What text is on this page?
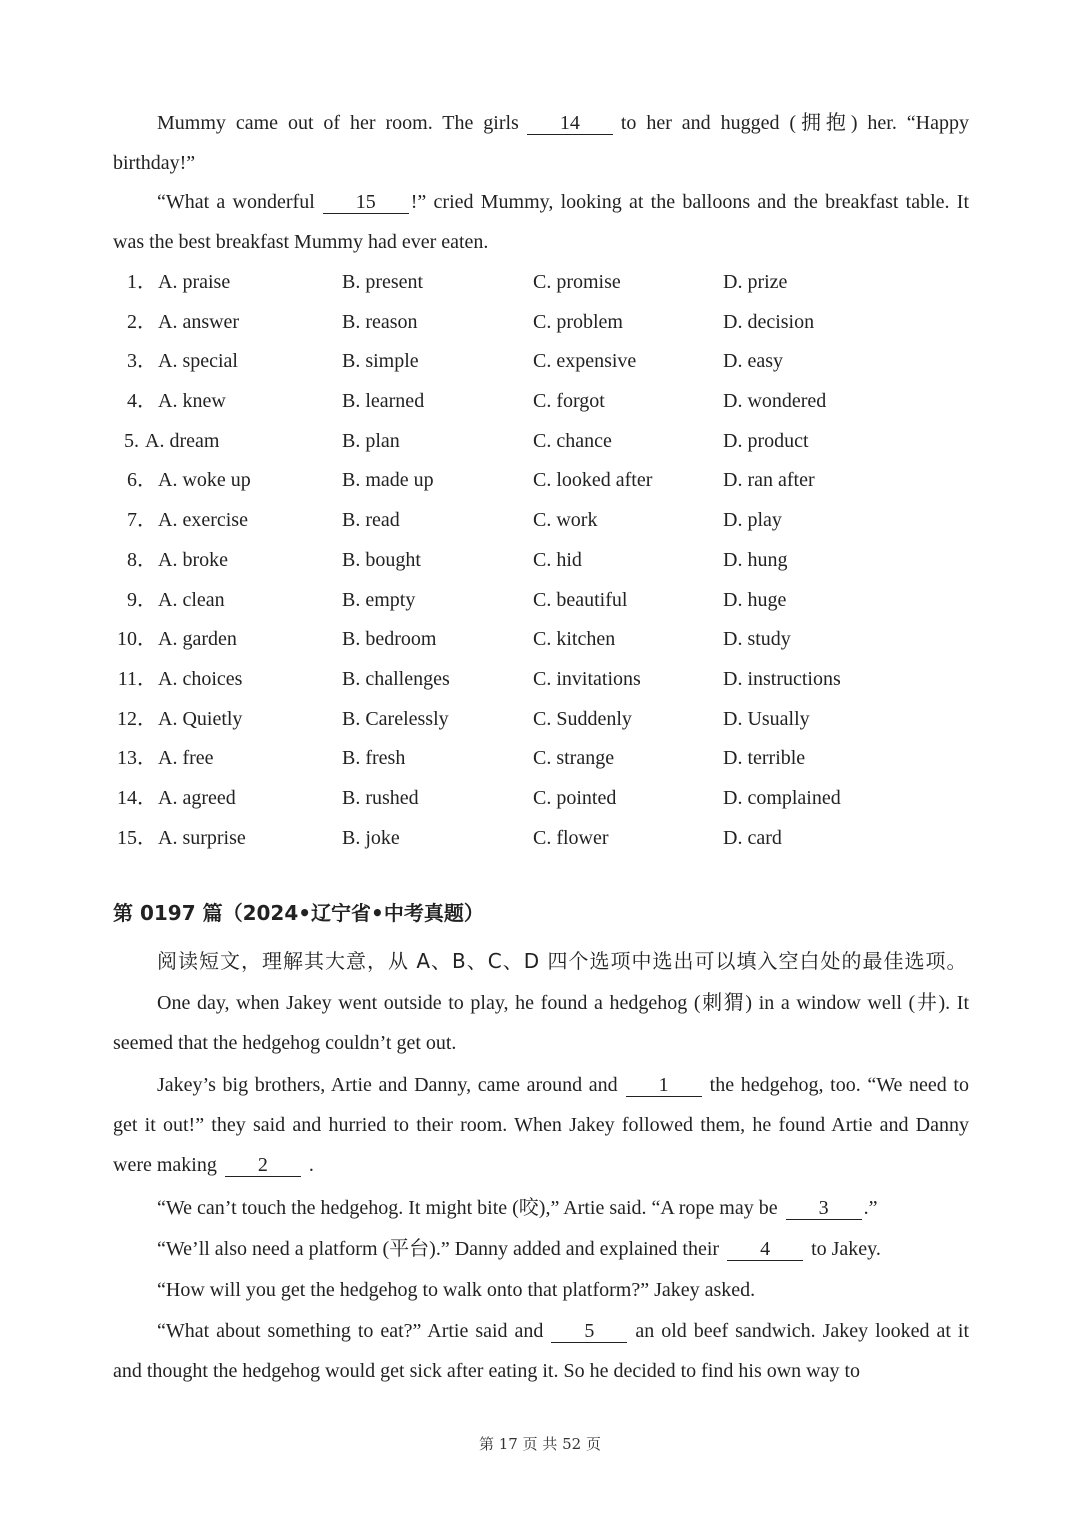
Mummy came out of her room. The girls 14 to her and hugged (拥抱) her. “Happy birthday!”

“What a wonderful 15 !” cried Mummy, looking at the balloons and the breakfast table. It was the best breakfast Mummy had ever eaten.

1． A. praise	B. present	C. promise	D. prize
2． A. answer	B. reason	C. problem	D. decision
3． A. special	B. simple	C. expensive	D. easy
4． A. knew	B. learned	C. forgot	D. wondered
5. A. dream	B. plan	C. chance	D. product
6． A. woke up	B. made up	C. looked after	D. ran after
7． A. exercise	B. read	C. work	D. play
8． A. broke	B. bought	C. hid	D. hung
9． A. clean	B. empty	C. beautiful	D. huge
10． A. garden	B. bedroom	C. kitchen	D. study
11． A. choices	B. challenges	C. invitations	D. instructions
12． A. Quietly	B. Carelessly	C. Suddenly	D. Usually
13． A. free	B. fresh	C. strange	D. terrible
14． A. agreed	B. rushed	C. pointed	D. complained
15． A. surprise	B. joke	C. flower	D. card
第 0197 篇（2024•辽宁省•中考真题）
阅读短文，理解其大意，从 A、B、C、D 四个选项中选出可以填入空白处的最佳选项。

One day, when Jakey went outside to play, he found a hedgehog (刺猬) in a window well (井). It seemed that the hedgehog couldn’t get out.

Jakey’s big brothers, Artie and Danny, came around and 1 the hedgehog, too. “We need to get it out!” they said and hurried to their room. When Jakey followed them, he found Artie and Danny were making 2 .

“We can’t touch the hedgehog. It might bite (咬),” Artie said. “A rope may be 3 .”

“We’ll also need a platform (平台).” Danny added and explained their 4 to Jakey.

“How will you get the hedgehog to walk onto that platform?” Jakey asked.

“What about something to eat?” Artie said and 5 an old beef sandwich. Jakey looked at it and thought the hedgehog would get sick after eating it. So he decided to find his own way to

第 17 页 共 52 页
